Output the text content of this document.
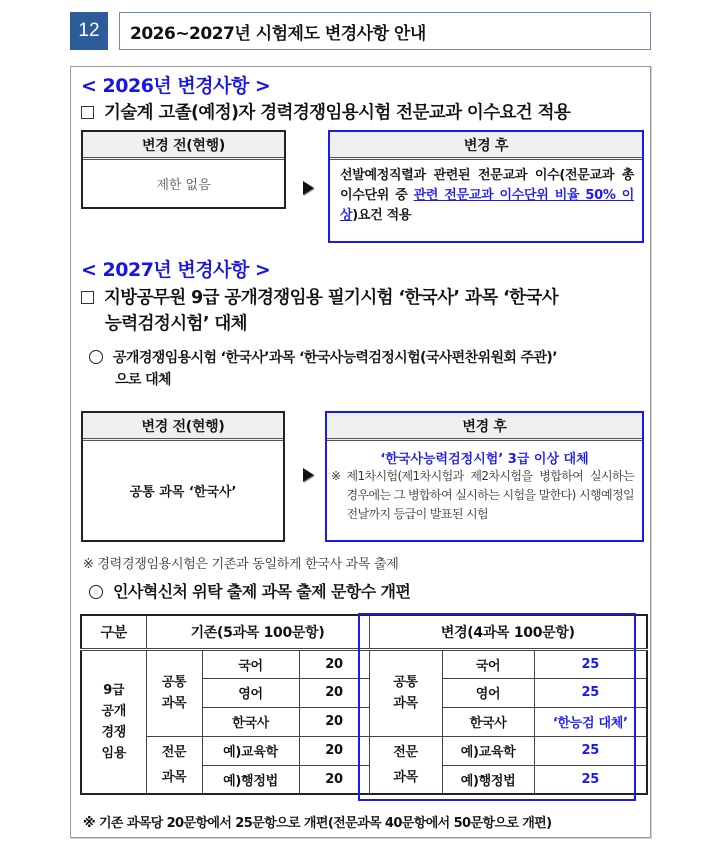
12	2026~2027년 시험제도 변경사항 안내
< 2026년 변경사항 >
기술계 고졸(예정)자 경력경쟁임용시험 전문교과 이수요건 적용
변경 전(현행)
제한 없음
변경 후
선발예정직렬과 관련된 전문교과 이수(전문교과 총 이수단위 중 관련 전문교과 이수단위 비율 50% 이상)요건 적용
< 2027년 변경사항 >
지방공무원 9급 공개경쟁임용 필기시험 ‘한국사’ 과목 ‘한국사
능력검정시험’ 대체
공개경쟁임용시험 ‘한국사’과목 ‘한국사능력검정시험(국사편찬위원회 주관)’
으로 대체
변경 전(현행)
공통 과목 ‘한국사’
변경 후
‘한국사능력검정시험’ 3급 이상 대체
※ 제1차시험(제1차시험과 제2차시험을 병합하여 실시하는 경우에는 그 병합하여 실시하는 시험을 말한다) 시행예정일 전날까지 등급이 발표된 시험
※ 경력경쟁임용시험은 기존과 동일하게 한국사 과목 출제
인사혁신처 위탁 출제 과목 출제 문항수 개편
구분	기존(5과목 100문항)			변경(4과목 100문항)		
9급 공개 경쟁 임용	공통 과목	국어	20	공통 과목	국어	25
		영어	20		영어	25
		한국사	20		한국사	‘한능검 대체’
	전문 과목	예)교육학	20	전문 과목	예)교육학	25
		예)행정법	20		예)행정법	25
※ 기존 과목당 20문항에서 25문항으로 개편(전문과목 40문항에서 50문항으로 개편)
